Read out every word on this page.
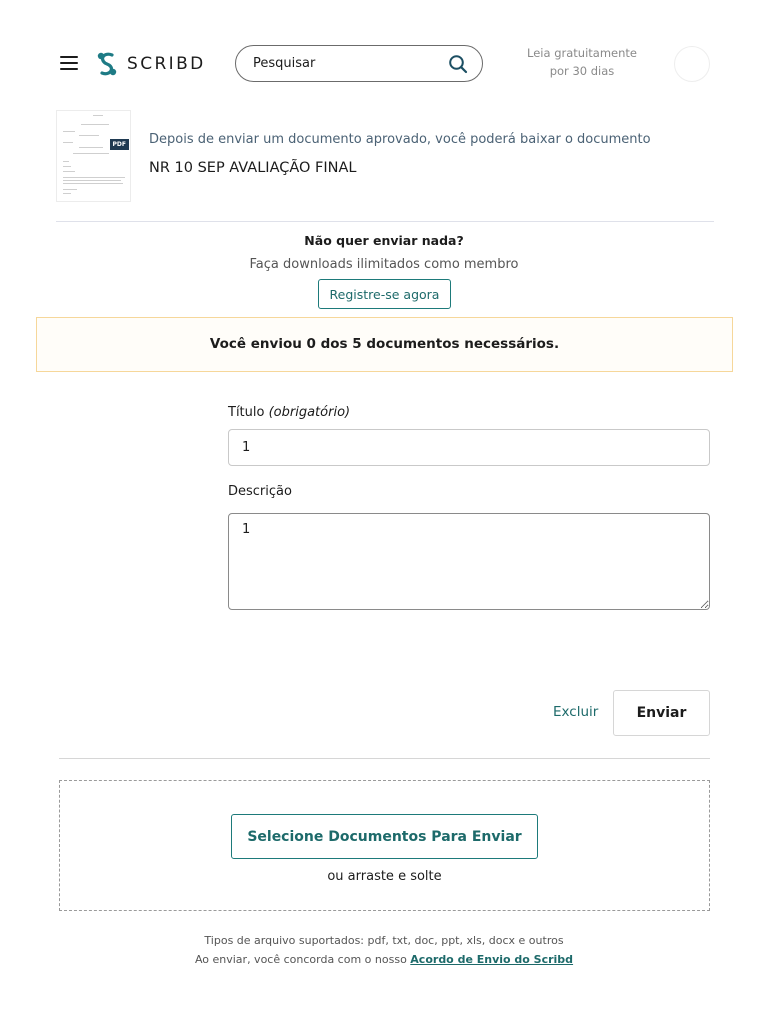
SCRIBD
Pesquisar
Leia gratuitamente
por 30 dias
PDF Depois de enviar um documento aprovado, você poderá baixar o documento
NR 10 SEP AVALIAÇÃO FINAL
Não quer enviar nada?
Faça downloads ilimitados como membro
Registre-se agora
Você enviou 0 dos 5 documentos necessários.
Título (obrigatório)
1
Descrição
1
Excluir	Enviar
Selecione Documentos Para Enviar
ou arraste e solte
Tipos de arquivo suportados: pdf, txt, doc, ppt, xls, docx e outros
Ao enviar, você concorda com o nosso Acordo de Envio do Scribd
